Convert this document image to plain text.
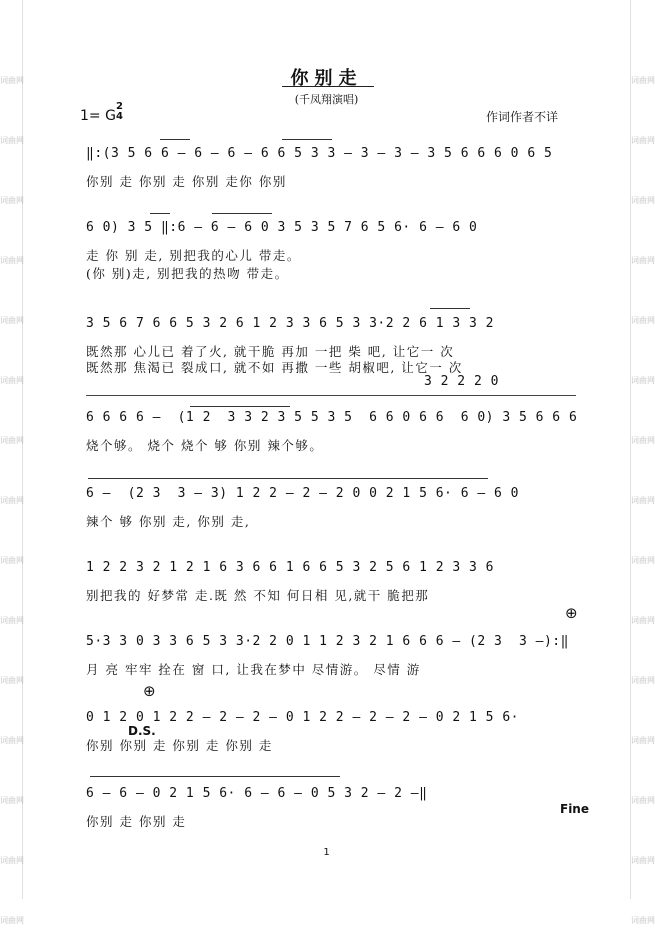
词曲网
词曲网
词曲网
词曲网
词曲网
词曲网
词曲网
词曲网
词曲网
词曲网
词曲网
词曲网
词曲网
词曲网
词曲网

词曲网
词曲网
词曲网
词曲网
词曲网
词曲网
词曲网
词曲网
词曲网
词曲网
词曲网
词曲网
词曲网
词曲网
词曲网

你别走
(千凤翔演唱)
1= G
2
4	作词作者不详
‖:(3 5 6 6 – 6 – 6 – 6 6 5 3 3 – 3 – 3 – 3 5 6 6 6 0 6 5
你别 走 你别 走 你别 走你 你别
6 0) 3 5 ‖:6 – 6 – 6 0 3 5 3 5 7 6 5 6· 6 – 6 0
走 你 别 走, 别把我的心儿 带走。
(你 别)走, 别把我的热吻 带走。
3 5 6 7 6 6 5 3 2 6 1 2 3 3 6 5 3 3·2 2 6 1 3 3 2
既然那 心儿已 着了火, 就干脆 再加 一把 柴 吧, 让它一 次
既然那 焦渴已 裂成口, 就不如 再撒 一些 胡椒吧, 让它一 次
3 2 2 2 0
6 6 6 6 –  (1 2  3 3 2 3 5 5 3 5  6 6 0 6 6  6 0) 3 5 6 6 6
烧个够。 烧个 烧个 够 你别 辣个够。
6 –  (2 3  3 – 3) 1 2 2 – 2 – 2 0 0 2 1 5 6· 6 – 6 0
辣个 够 你别 走, 你别 走,
1 2 2 3 2 1 2 1 6 3 6 6 1 6 6 5 3 2 5 6 1 2 3 3 6
别把我的 好梦常 走.既 然 不知 何日相 见,就干 脆把那
⊕
5·3 3 0 3 3 6 5 3 3·2 2 0 1 1 2 3 2 1 6 6 6 – (2 3  3 –):‖
月 亮 牢牢 拴在 窗 口, 让我在梦中 尽情游。 尽情 游
⊕
0 1 2 0 1 2 2 – 2 – 2 – 0 1 2 2 – 2 – 2 – 0 2 1 5 6·
D.S.
你别 你别 走 你别 走 你别 走
6 – 6 – 0 2 1 5 6· 6 – 6 – 0 5 3 2 – 2 –‖
Fine
你别 走 你别 走
1
